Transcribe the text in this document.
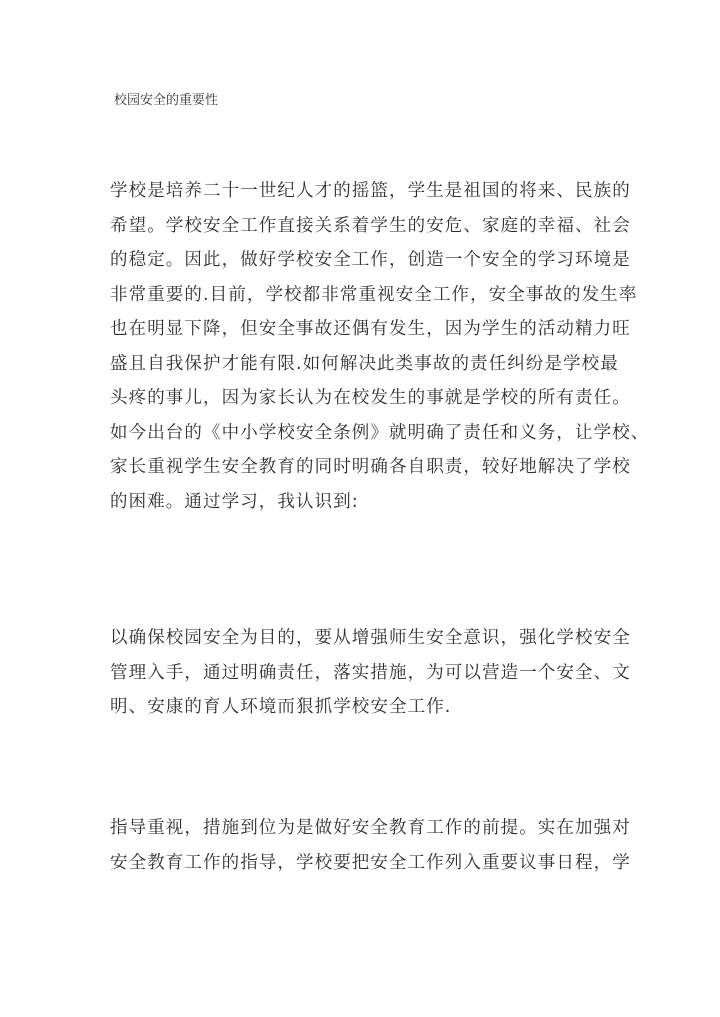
校园安全的重要性
学校是培养二十一世纪人才的摇篮，学生是祖国的将来、民族的
希望。学校安全工作直接关系着学生的安危、家庭的幸福、社会
的稳定。因此，做好学校安全工作，创造一个安全的学习环境是
非常重要的.目前，学校都非常重视安全工作，安全事故的发生率
也在明显下降，但安全事故还偶有发生，因为学生的活动精力旺
盛且自我保护才能有限.如何解决此类事故的责任纠纷是学校最
头疼的事儿，因为家长认为在校发生的事就是学校的所有责任。
如今出台的《中小学校安全条例》就明确了责任和义务，让学校、
家长重视学生安全教育的同时明确各自职责，较好地解决了学校
的困难。通过学习，我认识到:
以确保校园安全为目的，要从增强师生安全意识，强化学校安全
管理入手，通过明确责任，落实措施，为可以营造一个安全、文
明、安康的育人环境而狠抓学校安全工作.
指导重视，措施到位为是做好安全教育工作的前提。实在加强对
安全教育工作的指导，学校要把安全工作列入重要议事日程，学
